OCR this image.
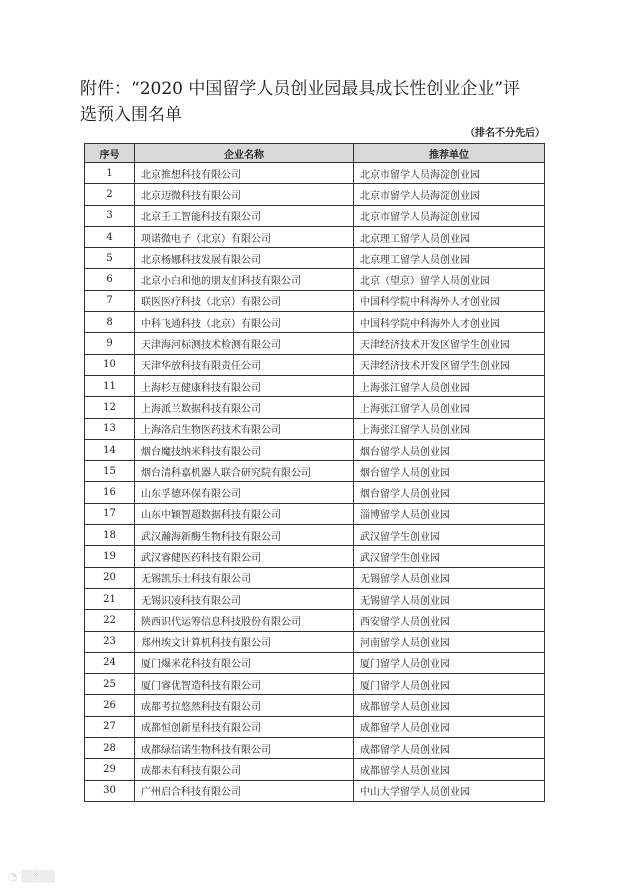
附件：“2020 中国留学人员创业园最具成长性创业企业”评
选预入围名单
（排名不分先后）
序号	企业名称	推荐单位
1	北京推想科技有限公司	北京市留学人员海淀创业园
2	北京迈微科技有限公司	北京市留学人员海淀创业园
3	北京壬工智能科技有限公司	北京市留学人员海淀创业园
4	项诺微电子（北京）有限公司	北京理工留学人员创业园
5	北京杨娜科技发展有限公司	北京理工留学人员创业园
6	北京小白和他的朋友们科技有限公司	北京（望京）留学人员创业园
7	联医医疗科技（北京）有限公司	中国科学院中科海外人才创业园
8	中科飞通科技（北京）有限公司	中国科学院中科海外人才创业园
9	天津海河标测技术检测有限公司	天津经济技术开发区留学生创业园
10	天津华放科技有限责任公司	天津经济技术开发区留学生创业园
11	上海杉互健康科技有限公司	上海张江留学人员创业园
12	上海派兰数据科技有限公司	上海张江留学人员创业园
13	上海洛启生物医药技术有限公司	上海张江留学人员创业园
14	烟台魔技纳米科技有限公司	烟台留学人员创业园
15	烟台清科嘉机器人联合研究院有限公司	烟台留学人员创业园
16	山东孚德环保有限公司	烟台留学人员创业园
17	山东中颖智超数据科技有限公司	淄博留学人员创业园
18	武汉瀚海新酶生物科技有限公司	武汉留学生创业园
19	武汉睿健医药科技有限公司	武汉留学生创业园
20	无锡凯乐士科技有限公司	无锡留学人员创业园
21	无锡识凌科技有限公司	无锡留学人员创业园
22	陕西识代运筹信息科技股份有限公司	西安留学人员创业园
23	郑州埃文计算机科技有限公司	河南留学人员创业园
24	厦门爆米花科技有限公司	厦门留学人员创业园
25	厦门睿优智造科技有限公司	厦门留学人员创业园
26	成都考拉悠然科技有限公司	成都留学人员创业园
27	成都恒创新星科技有限公司	成都留学人员创业园
28	成都绿信诺生物科技有限公司	成都留学人员创业园
29	成都未有科技有限公司	成都留学人员创业园
30	广州启合科技有限公司	中山大学留学人员创业园
◔ ▒▒▒▒
